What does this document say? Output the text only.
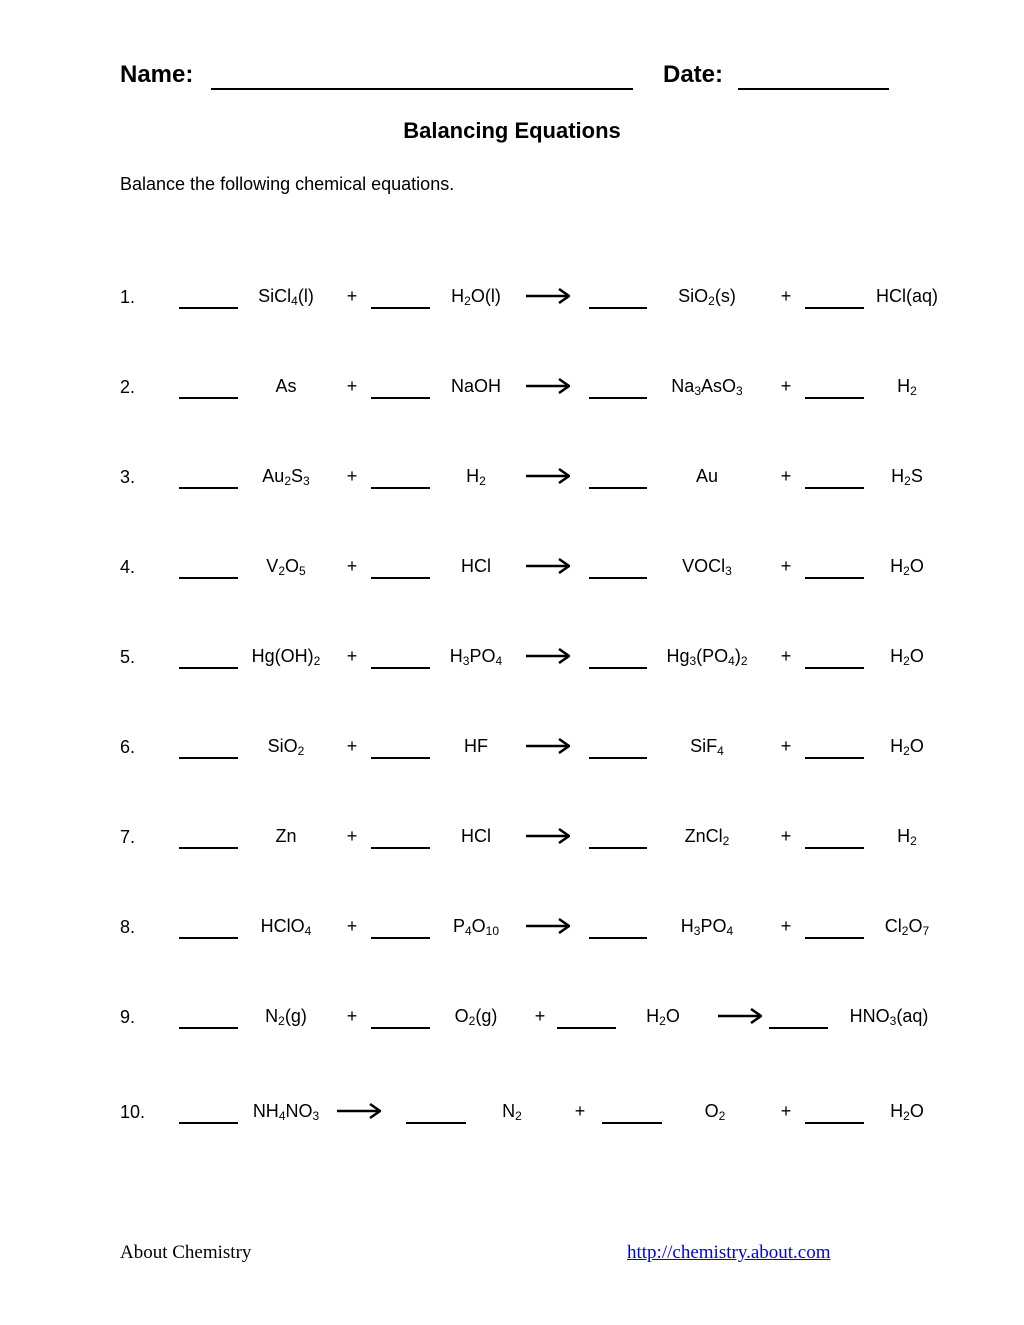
Name:	Date:
Balancing Equations
Balance the following chemical equations.
1.	SiCl$_4$(l) +	$H_2O(l)$	SiO$_2$(s) +	HCl(aq)
2.	As	+	NaOH	$Na_3AsO_3$ +	$H_2$
3.	$Au_2S_3$ +	$H_2$	Au	+	$H_2S$
4.	$V_2O_5$ +	HCl	VOCl$_3$	+	$H_2O$
5.	$Hg(OH)_2$ +	$H_3PO_4$ →	$Hg_3(PO_4)_2$ +	$H_2O$
6.	SiO$_2$ +	HF	SiF$_4$	+	$H_2O$
7.	Zn	+	HCl	ZnCl$_2$	+	$H_2$
8.	HClO$_4$ +	$P_4O_{10}$	$H_3PO_4$	+	$Cl_2O_7$
9.	$N_2(g)$ +	$O_2(g)$ +	$H_2O$	$HNO_3(aq)$
10.	$NH_4NO_3$ →	$N_2$	+	$O_2$	+	$H_2O$
About Chemistry	http://chemistry.about.com
